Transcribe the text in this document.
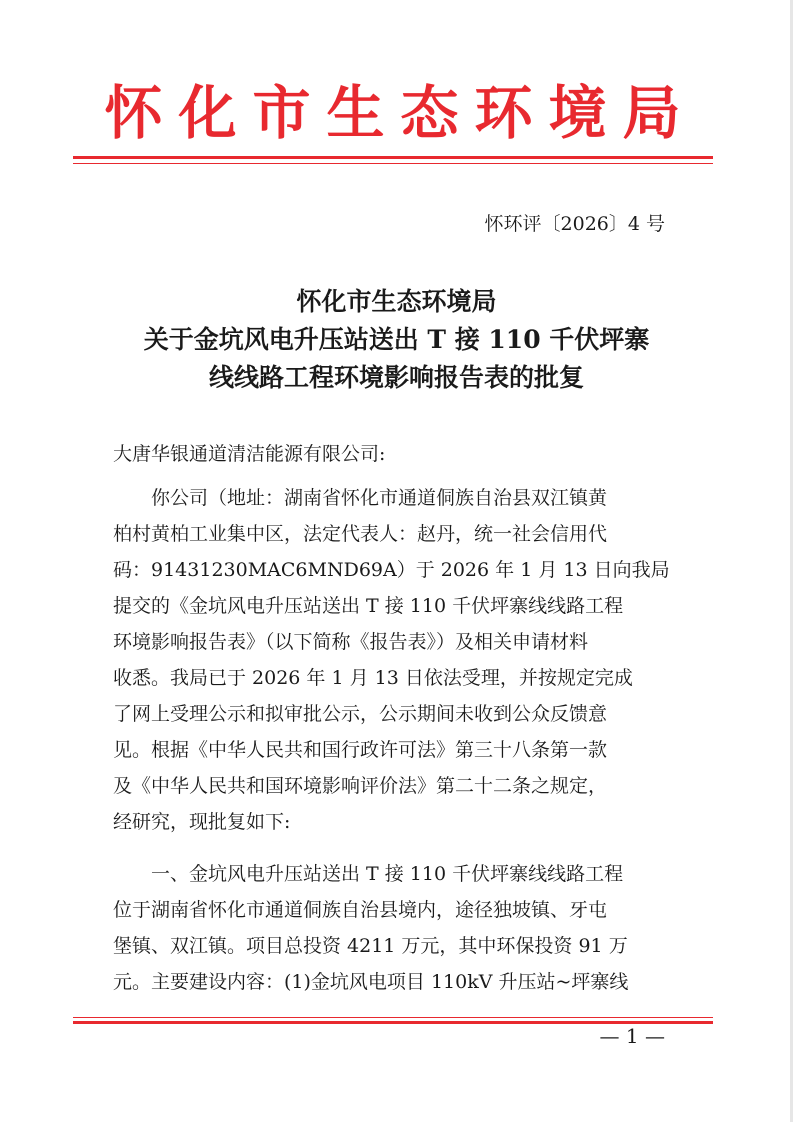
怀化市生态环境局
怀环评〔2026〕4 号
怀化市生态环境局
关于金坑风电升压站送出 T 接 110 千伏坪寨
线线路工程环境影响报告表的批复
大唐华银通道清洁能源有限公司:
　　你公司（地址：湖南省怀化市通道侗族自治县双江镇黄
柏村黄柏工业集中区，法定代表人：赵丹，统一社会信用代
码：91431230MAC6MND69A）于 2026 年 1 月 13 日向我局
提交的《金坑风电升压站送出 T 接 110 千伏坪寨线线路工程
环境影响报告表》（以下简称《报告表》）及相关申请材料
收悉。我局已于 2026 年 1 月 13 日依法受理，并按规定完成
了网上受理公示和拟审批公示，公示期间未收到公众反馈意
见。根据《中华人民共和国行政许可法》第三十八条第一款
及《中华人民共和国环境影响评价法》第二十二条之规定，
经研究，现批复如下:
　　一、金坑风电升压站送出 T 接 110 千伏坪寨线线路工程
位于湖南省怀化市通道侗族自治县境内，途径独坡镇、牙屯
堡镇、双江镇。项目总投资 4211 万元，其中环保投资 91 万
元。主要建设内容：(1)金坑风电项目 110kV 升压站~坪寨线
— 1 —
